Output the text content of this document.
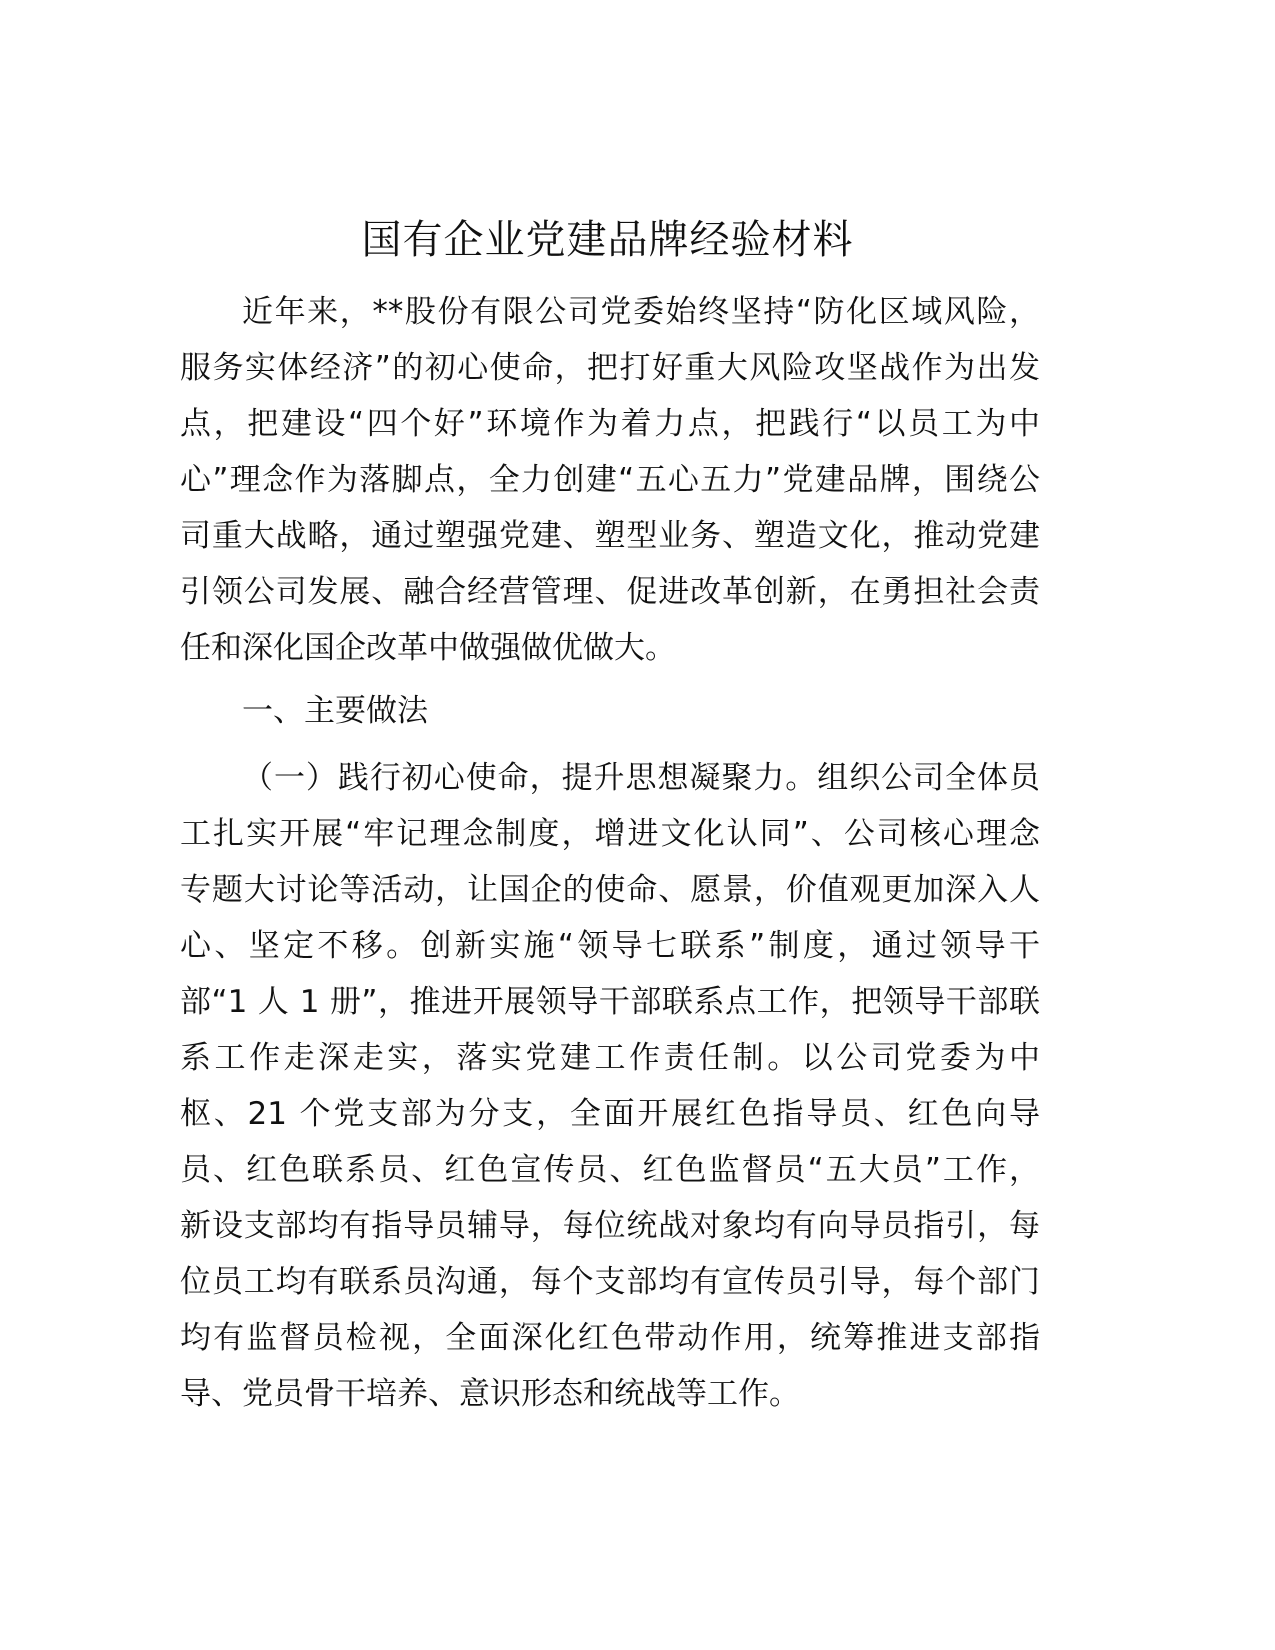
国有企业党建品牌经验材料
近年来，**股份有限公司党委始终坚持“防化区域风险，
服务实体经济”的初心使命，把打好重大风险攻坚战作为出发
点，把建设“四个好”环境作为着力点，把践行“以员工为中
心”理念作为落脚点，全力创建“五心五力”党建品牌，围绕公
司重大战略，通过塑强党建、塑型业务、塑造文化，推动党建
引领公司发展、融合经营管理、促进改革创新，在勇担社会责
任和深化国企改革中做强做优做大。
一、主要做法
（一）践行初心使命，提升思想凝聚力。组织公司全体员
工扎实开展“牢记理念制度，增进文化认同”、公司核心理念
专题大讨论等活动，让国企的使命、愿景，价值观更加深入人
心、坚定不移。创新实施“领导七联系”制度，通过领导干
部“1 人 1 册”，推进开展领导干部联系点工作，把领导干部联
系工作走深走实，落实党建工作责任制。以公司党委为中
枢、21 个党支部为分支，全面开展红色指导员、红色向导
员、红色联系员、红色宣传员、红色监督员“五大员”工作，
新设支部均有指导员辅导，每位统战对象均有向导员指引，每
位员工均有联系员沟通，每个支部均有宣传员引导，每个部门
均有监督员检视，全面深化红色带动作用，统筹推进支部指
导、党员骨干培养、意识形态和统战等工作。
